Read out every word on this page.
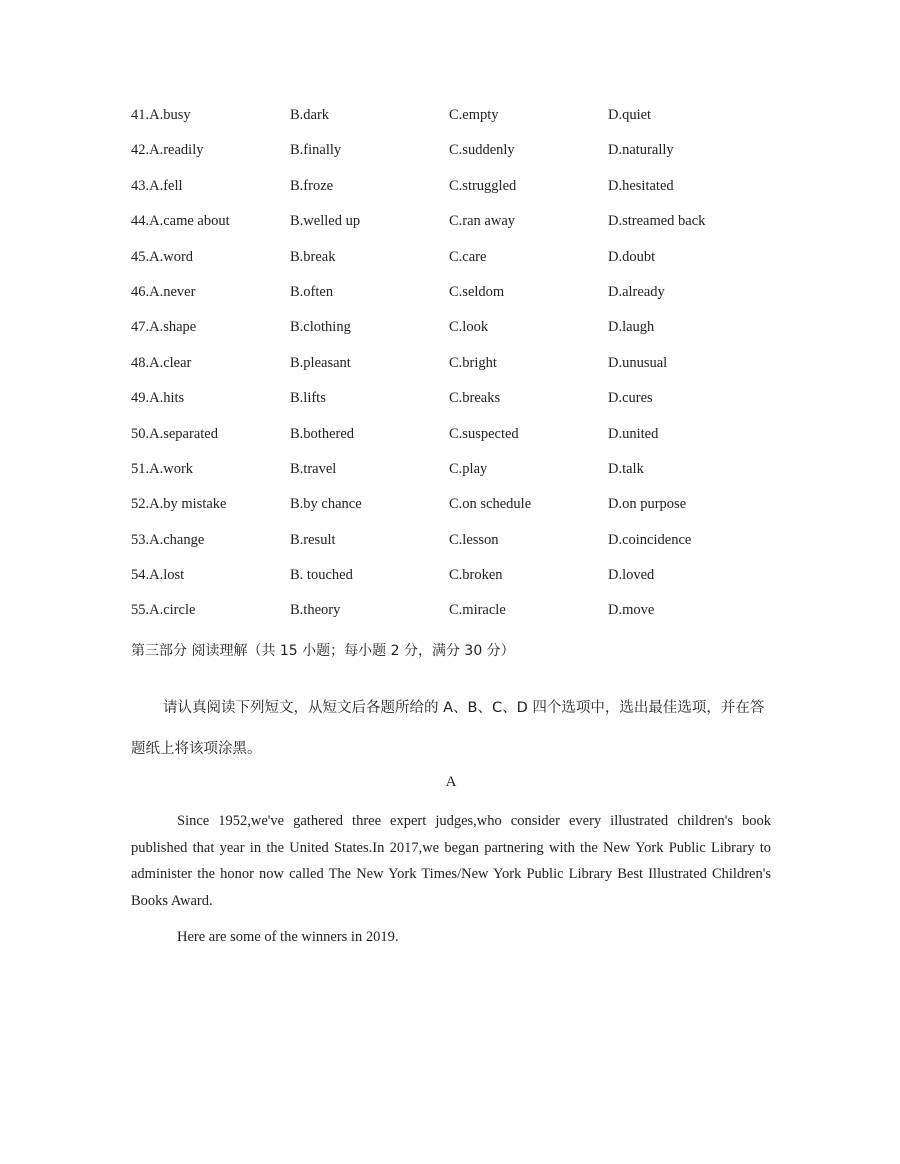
41.A.busy	B.dark	C.empty	D.quiet
42.A.readily	B.finally	C.suddenly	D.naturally
43.A.fell	B.froze	C.struggled	D.hesitated
44.A.came about	B.welled up	C.ran away	D.streamed back
45.A.word	B.break	C.care	D.doubt
46.A.never	B.often	C.seldom	D.already
47.A.shape	B.clothing	C.look	D.laugh
48.A.clear	B.pleasant	C.bright	D.unusual
49.A.hits	B.lifts	C.breaks	D.cures
50.A.separated	B.bothered	C.suspected	D.united
51.A.work	B.travel	C.play	D.talk
52.A.by mistake	B.by chance	C.on schedule	D.on purpose
53.A.change	B.result	C.lesson	D.coincidence
54.A.lost	B. touched	C.broken	D.loved
55.A.circle	B.theory	C.miracle	D.move
第三部分 阅读理解（共 15 小题；每小题 2 分，满分 30 分）
请认真阅读下列短文，从短文后各题所给的 A、B、C、D 四个选项中，选出最佳选项，并在答题纸上将该项涂黑。
A

Since 1952,we've gathered three expert judges,who consider every illustrated children's book published that year in the United States.In 2017,we began partnering with the New York Public Library to administer the honor now called The New York Times/New York Public Library Best Illustrated Children's Books Award.

Here are some of the winners in 2019.
